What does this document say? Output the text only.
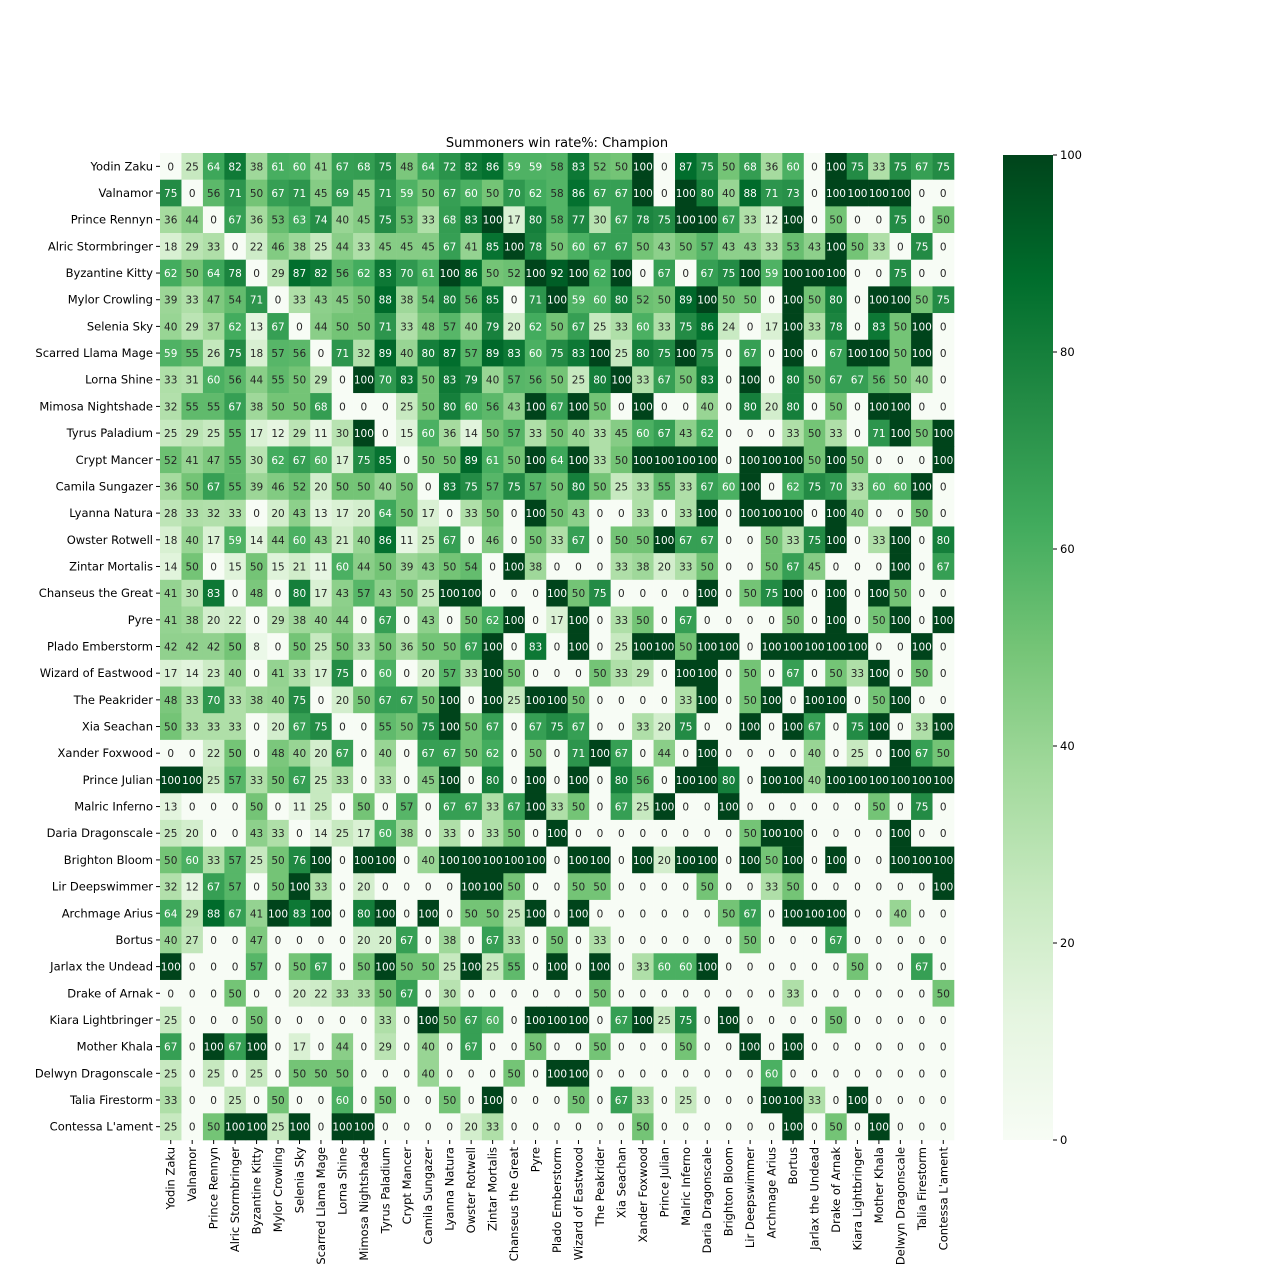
Summoners win rate%: Champion
0 25 64 82 38 61 60 41 67 68 75 48 64 72 82 86 59 59 58 83 52 50 100 0 87 75 50 68 36 60 0 100 75 33 75 67 75
75 0 56 71 50 67 71 45 69 45 71 59 50 67 60 50 70 62 58 86 67 67 100 0 100 80 40 88 71 73 0 100 100 100 100 0 0
36 44 0 67 36 53 63 74 40 45 75 53 33 68 83 100 17 80 58 77 30 67 78 75 100 100 67 33 12 100 0 50 0 0 75 0 50
18 29 33 0 22 46 38 25 44 33 45 45 45 67 41 85 100 78 50 60 67 67 50 43 50 57 43 43 33 53 43 100 50 33 0 75 0
62 50 64 78 0 29 87 82 56 62 83 70 61 100 86 50 52 100 92 100 62 100 0 67 0 67 75 100 59 100 100 100 0 0 75 0 0
39 33 47 54 71 0 33 43 45 50 88 38 54 80 56 85 0 71 100 59 60 80 52 50 89 100 50 50 0 100 50 80 0 100 100 50 75
40 29 37 62 13 67 0 44 50 50 71 33 48 57 40 79 20 62 50 67 25 33 60 33 75 86 24 0 17 100 33 78 0 83 50 100 0
59 55 26 75 18 57 56 0 71 32 89 40 80 87 57 89 83 60 75 83 100 25 80 75 100 75 0 67 0 100 0 67 100 100 50 100 0
33 31 60 56 44 55 50 29 0 100 70 83 50 83 79 40 57 56 50 25 80 100 33 67 50 83 0 100 0 80 50 67 67 56 50 40 0
32 55 55 67 38 50 50 68 0 0 0 25 50 80 60 56 43 100 67 100 50 0 100 0 0 40 0 80 20 80 0 50 0 100 100 0 0
25 29 25 55 17 12 29 11 30 100 0 15 60 36 14 50 57 33 50 40 33 45 60 67 43 62 0 0 0 33 50 33 0 71 100 50 100
52 41 47 55 30 62 67 60 17 75 85 0 50 50 89 61 50 100 64 100 33 50 100 100 100 100 0 100 100 100 50 100 50 0 0 0 100
36 50 67 55 39 46 52 20 50 50 40 50 0 83 75 57 75 57 50 80 50 25 33 55 33 67 60 100 0 62 75 70 33 60 60 100 0
28 33 32 33 0 20 43 13 17 20 64 50 17 0 33 50 0 100 50 43 0 0 33 0 33 100 0 100 100 100 0 100 40 0 0 50 0
18 40 17 59 14 44 60 43 21 40 86 11 25 67 0 46 0 50 33 67 0 50 50 100 67 67 0 0 50 33 75 100 0 33 100 0 80
14 50 0 15 50 15 21 11 60 44 50 39 43 50 54 0 100 38 0 0 0 33 38 20 33 50 0 0 50 67 45 0 0 0 100 0 67
41 30 83 0 48 0 80 17 43 57 43 50 25 100 100 0 0 0 100 50 75 0 0 0 0 100 0 50 75 100 0 100 0 100 50 0 0
41 38 20 22 0 29 38 40 44 0 67 0 43 0 50 62 100 0 17 100 0 33 50 0 67 0 0 0 0 50 0 100 0 50 100 0 100
42 42 42 50 8 0 50 25 50 33 50 36 50 50 67 100 0 83 0 100 0 25 100 100 50 100 100 0 100 100 100 100 100 0 0 100 0
17 14 23 40 0 41 33 17 75 0 60 0 20 57 33 100 50 0 0 0 50 33 29 0 100 100 0 50 0 67 0 50 33 100 0 50 0
48 33 70 33 38 40 75 0 20 50 67 67 50 100 0 100 25 100 100 50 0 0 0 0 33 100 0 50 100 0 100 100 0 50 100 0 0
50 33 33 33 0 20 67 75 0 0 55 50 75 100 50 67 0 67 75 67 0 0 33 20 75 0 0 100 0 100 67 0 75 100 0 33 100
0 0 22 50 0 48 40 20 67 0 40 0 67 67 50 62 0 50 0 71 100 67 0 44 0 100 0 0 0 0 40 0 25 0 100 67 50
100 100 25 57 33 50 67 25 33 0 33 0 45 100 0 80 0 100 0 100 0 80 56 0 100 100 80 0 100 100 40 100 100 100 100 100 100
13 0 0 0 50 0 11 25 0 50 0 57 0 67 67 33 67 100 33 50 0 67 25 100 0 0 100 0 0 0 0 0 0 50 0 75 0
25 20 0 0 43 33 0 14 25 17 60 38 0 33 0 33 50 0 100 0 0 0 0 0 0 0 0 50 100 100 0 0 0 0 100 0 0
50 60 33 57 25 50 76 100 0 100 100 0 40 100 100 100 100 100 0 100 100 0 100 20 100 100 0 100 50 100 0 100 0 0 100 100 100
32 12 67 57 0 50 100 33 0 20 0 0 0 0 100 100 50 0 0 50 50 0 0 0 0 50 0 0 33 50 0 0 0 0 0 0 100
64 29 88 67 41 100 83 100 0 80 100 0 100 0 50 50 25 100 0 100 0 0 0 0 0 0 50 67 0 100 100 100 0 0 40 0 0
40 27 0 0 47 0 0 0 0 20 20 67 0 38 0 67 33 0 50 0 33 0 0 0 0 0 0 50 0 0 0 67 0 0 0 0 0
100 0 0 0 57 0 50 67 0 50 100 50 50 25 100 25 55 0 100 0 100 0 33 60 60 100 0 0 0 0 0 0 50 0 0 67 0
0 0 0 50 0 0 20 22 33 33 50 67 0 30 0 0 0 0 0 0 50 0 0 0 0 0 0 0 0 33 0 0 0 0 0 0 50
25 0 0 0 50 0 0 0 0 0 33 0 100 50 67 60 0 100 100 100 0 67 100 25 75 0 100 0 0 0 0 50 0 0 0 0 0
67 0 100 67 100 0 17 0 44 0 29 0 40 0 67 0 0 50 0 0 50 0 0 0 50 0 0 100 0 100 0 0 0 0 0 0 0
25 0 25 0 25 0 50 50 50 0 0 0 40 0 0 0 50 0 100 100 0 0 0 0 0 0 0 0 60 0 0 0 0 0 0 0 0
33 0 0 25 0 50 0 0 60 0 50 0 0 50 0 100 0 0 0 50 0 67 33 0 25 0 0 0 100 100 33 0 100 0 0 0 0
25 0 50 100 100 25 100 0 100 100 0 0 0 0 20 33 0 0 0 0 0 0 50 0 0 0 0 0 0 100 0 50 0 100 0 0 0
Yodin Zaku
Valnamor
Prince Rennyn
Alric Stormbringer
Byzantine Kitty
Mylor Crowling
Selenia Sky
Scarred Llama Mage
Lorna Shine
Mimosa Nightshade
Tyrus Paladium
Crypt Mancer
Camila Sungazer
Lyanna Natura
Owster Rotwell
Zintar Mortalis
Chanseus the Great
Pyre
Plado Emberstorm
Wizard of Eastwood
The Peakrider
Xia Seachan
Xander Foxwood
Prince Julian
Malric Inferno
Daria Dragonscale
Brighton Bloom
Lir Deepswimmer
Archmage Arius
Bortus
Jarlax the Undead
Drake of Arnak
Kiara Lightbringer
Mother Khala
Delwyn Dragonscale
Talia Firestorm
Contessa L'ament
Yodin Zaku Valnamor Prince Rennyn Alric Stormbringer Byzantine Kitty Mylor Crowling Selenia Sky Scarred Llama Mage Lorna Shine Mimosa Nightshade Tyrus Paladium Crypt Mancer Camila Sungazer Lyanna Natura Owster Rotwell Zintar Mortalis Chanseus the Great Pyre Plado Emberstorm Wizard of Eastwood The Peakrider Xia Seachan Xander Foxwood Prince Julian Malric Inferno Daria Dragonscale Brighton Bloom Lir Deepswimmer Archmage Arius Bortus Jarlax the Undead Drake of Arnak Kiara Lightbringer Mother Khala Delwyn Dragonscale Talia Firestorm Contessa L'ament
0
20
40
60
80
100
